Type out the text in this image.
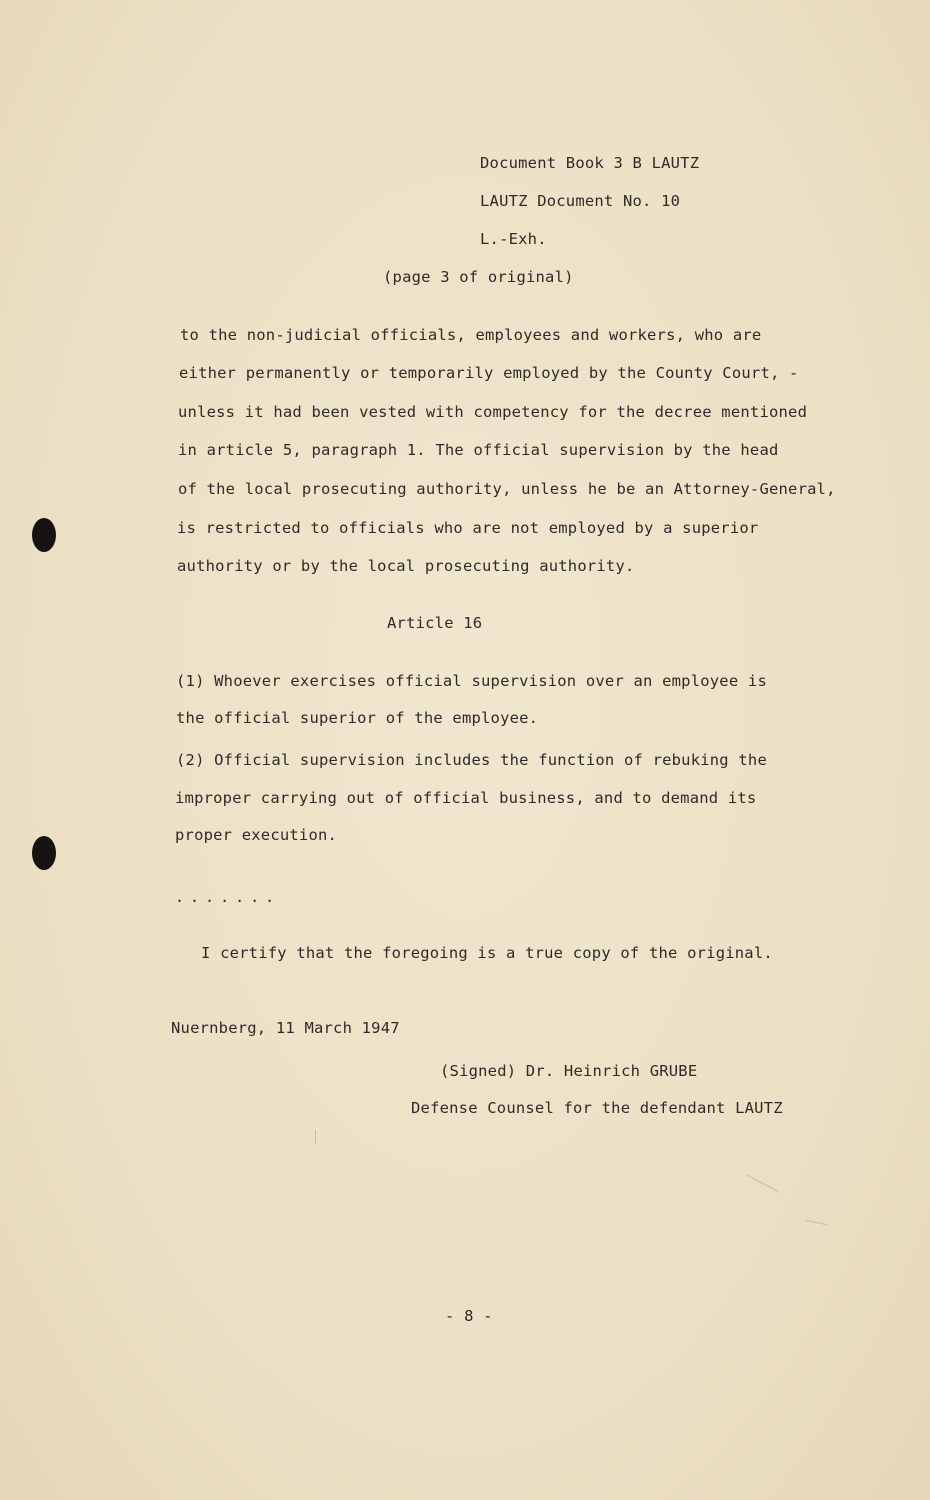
Document Book 3 B LAUTZ

LAUTZ Document No. 10

L.-Exh.

(page 3 of original)

to the non-judicial officials, employees and workers, who are

either permanently or temporarily employed by the County Court, -

unless it had been vested with competency for the decree mentioned

in article 5, paragraph 1. The official supervision by the head

of the local prosecuting authority, unless he be an Attorney-General,

is restricted to officials who are not employed by a superior

authority or by the local prosecuting authority.

Article 16

(1) Whoever exercises official supervision over an employee is

the official superior of the employee.

(2) Official supervision includes the function of rebuking the

improper carrying out of official business, and to demand its

proper execution.

.......

I certify that the foregoing is a true copy of the original.

Nuernberg, 11 March 1947

(Signed) Dr. Heinrich GRUBE

Defense Counsel for the defendant LAUTZ

- 8 -
